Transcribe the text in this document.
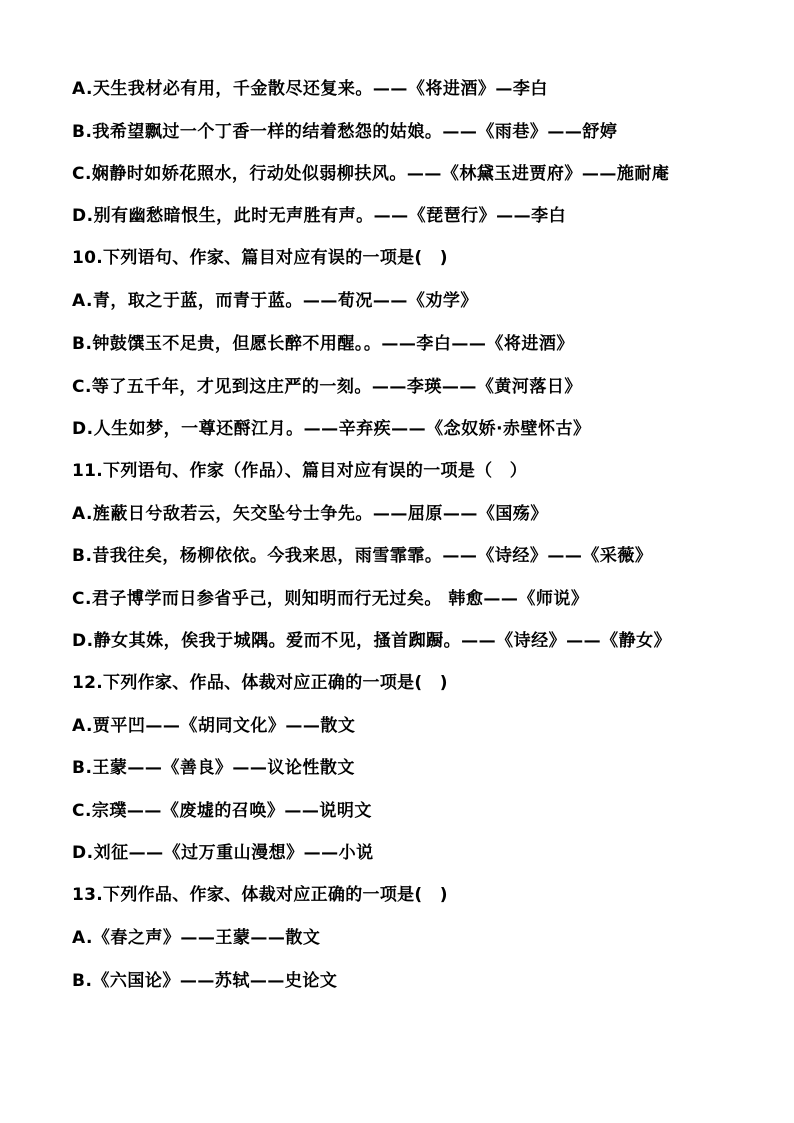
A.天生我材必有用，千金散尽还复来。——《将进酒》—李白
B.我希望飘过一个丁香一样的结着愁怨的姑娘。——《雨巷》——舒婷
C.娴静时如娇花照水，行动处似弱柳扶风。——《林黛玉进贾府》——施耐庵
D.别有幽愁暗恨生，此时无声胜有声。——《琵琶行》——李白
10.下列语句、作家、篇目对应有误的一项是(　)
A.青，取之于蓝，而青于蓝。——荀况——《劝学》
B.钟鼓馔玉不足贵，但愿长醉不用醒。。——李白——《将进酒》
C.等了五千年，才见到这庄严的一刻。——李瑛——《黄河落日》
D.人生如梦，一尊还酹江月。——辛弃疾——《念奴娇·赤壁怀古》
11.下列语句、作家（作品）、篇目对应有误的一项是（　）
A.旌蔽日兮敌若云，矢交坠兮士争先。——屈原——《国殇》
B.昔我往矣，杨柳依依。今我来思，雨雪霏霏。——《诗经》——《采薇》
C.君子博学而日参省乎己，则知明而行无过矣。 韩愈——《师说》
D.静女其姝，俟我于城隅。爱而不见，搔首踟蹰。——《诗经》——《静女》
12.下列作家、作品、体裁对应正确的一项是(　)
A.贾平凹——《胡同文化》——散文
B.王蒙——《善良》——议论性散文
C.宗璞——《废墟的召唤》——说明文
D.刘征——《过万重山漫想》——小说
13.下列作品、作家、体裁对应正确的一项是(　)
A.《春之声》——王蒙——散文
B.《六国论》——苏轼——史论文
